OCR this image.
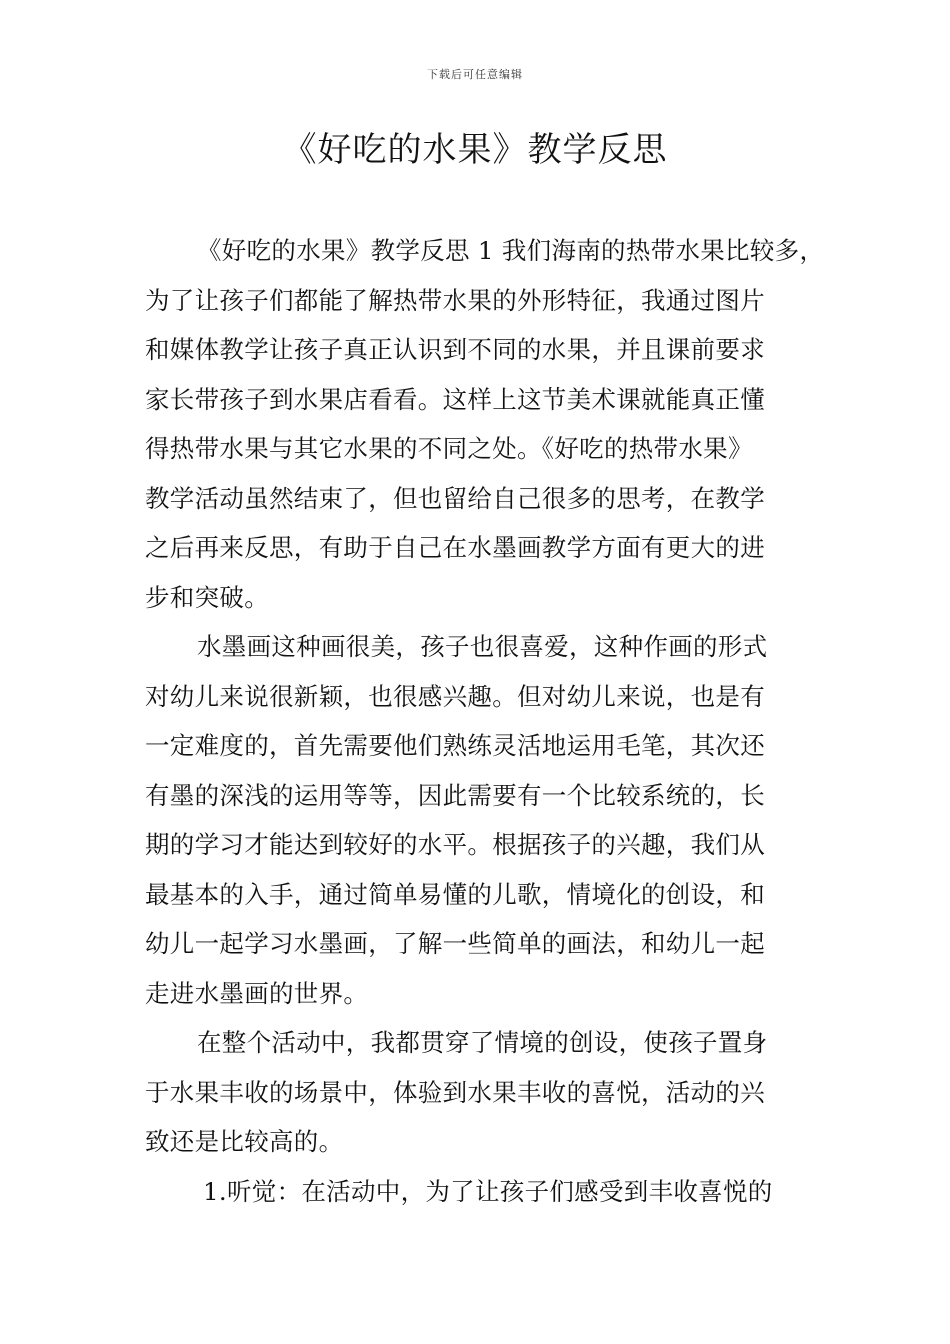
下载后可任意编辑
《好吃的水果》教学反思
《好吃的水果》教学反思 1 我们海南的热带水果比较多，
为了让孩子们都能了解热带水果的外形特征，我通过图片
和媒体教学让孩子真正认识到不同的水果，并且课前要求
家长带孩子到水果店看看。这样上这节美术课就能真正懂
得热带水果与其它水果的不同之处。《好吃的热带水果》
教学活动虽然结束了，但也留给自己很多的思考，在教学
之后再来反思，有助于自己在水墨画教学方面有更大的进
步和突破。
水墨画这种画很美，孩子也很喜爱，这种作画的形式
对幼儿来说很新颖，也很感兴趣。但对幼儿来说，也是有
一定难度的，首先需要他们熟练灵活地运用毛笔，其次还
有墨的深浅的运用等等，因此需要有一个比较系统的，长
期的学习才能达到较好的水平。根据孩子的兴趣，我们从
最基本的入手，通过简单易懂的儿歌，情境化的创设，和
幼儿一起学习水墨画，了解一些简单的画法，和幼儿一起
走进水墨画的世界。
在整个活动中，我都贯穿了情境的创设，使孩子置身
于水果丰收的场景中，体验到水果丰收的喜悦，活动的兴
致还是比较高的。
1.听觉：在活动中，为了让孩子们感受到丰收喜悦的
